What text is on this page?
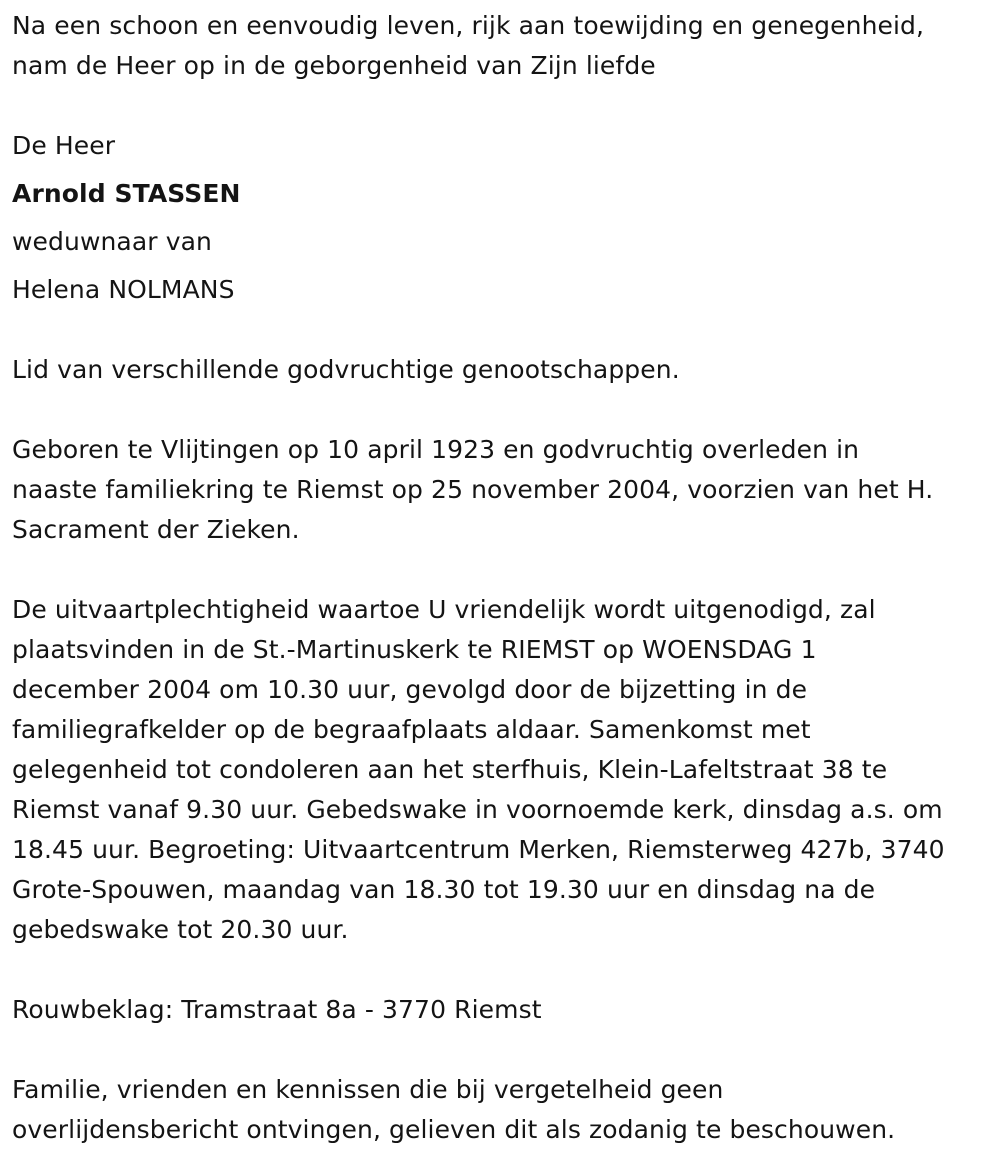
Na een schoon en eenvoudig leven, rijk aan toewijding en genegenheid,
nam de Heer op in de geborgenheid van Zijn liefde
De Heer
Arnold STASSEN
weduwnaar van
Helena NOLMANS
Lid van verschillende godvruchtige genootschappen.
Geboren te Vlijtingen op 10 april 1923 en godvruchtig overleden in
naaste familiekring te Riemst op 25 november 2004, voorzien van het H.
Sacrament der Zieken.
De uitvaartplechtigheid waartoe U vriendelijk wordt uitgenodigd, zal
plaatsvinden in de St.-Martinuskerk te RIEMST op WOENSDAG 1
december 2004 om 10.30 uur, gevolgd door de bijzetting in de
familiegrafkelder op de begraafplaats aldaar. Samenkomst met
gelegenheid tot condoleren aan het sterfhuis, Klein-Lafeltstraat 38 te
Riemst vanaf 9.30 uur. Gebedswake in voornoemde kerk, dinsdag a.s. om
18.45 uur. Begroeting: Uitvaartcentrum Merken, Riemsterweg 427b, 3740
Grote-Spouwen, maandag van 18.30 tot 19.30 uur en dinsdag na de
gebedswake tot 20.30 uur.
Rouwbeklag: Tramstraat 8a - 3770 Riemst
Familie, vrienden en kennissen die bij vergetelheid geen
overlijdensbericht ontvingen, gelieven dit als zodanig te beschouwen.
